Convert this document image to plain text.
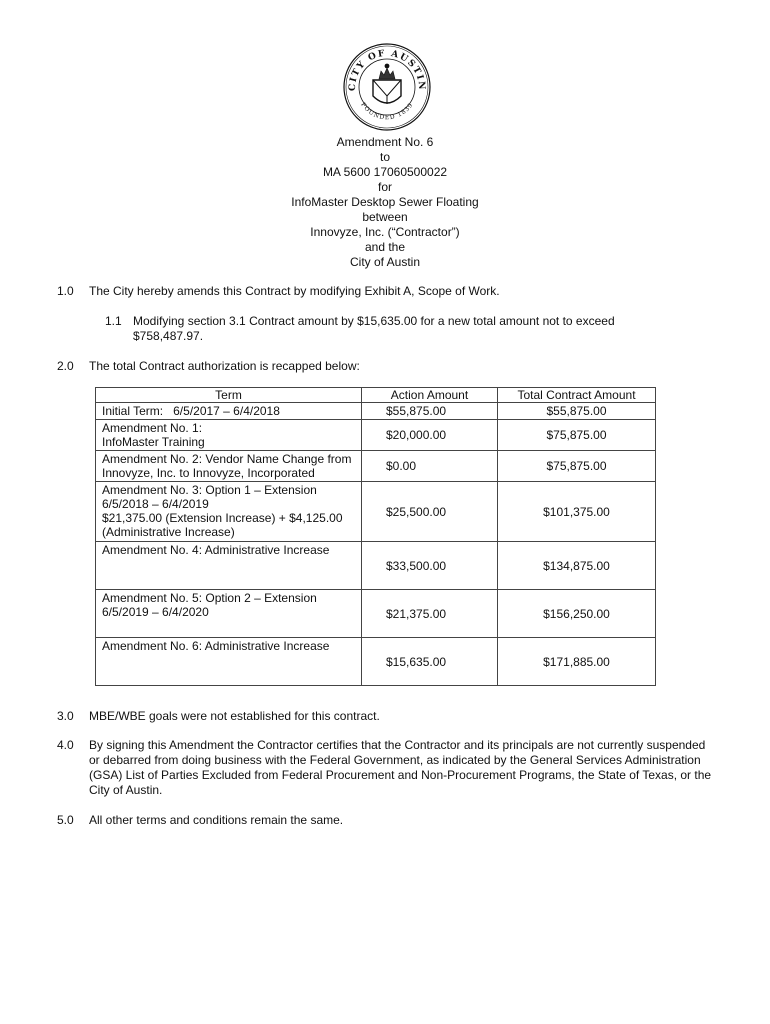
CITY OF AUSTIN
FOUNDED 1839
Amendment No. 6
to
MA 5600 17060500022
for
InfoMaster Desktop Sewer Floating
between
Innovyze, Inc. (“Contractor”)
and the
City of Austin
1.0 The City hereby amends this Contract by modifying Exhibit A, Scope of Work.
1.1 Modifying section 3.1 Contract amount by $15,635.00 for a new total amount not to exceed $758,487.97.
2.0 The total Contract authorization is recapped below:
Term	Action Amount	Total Contract Amount
Initial Term:   6/5/2017 – 6/4/2018	$55,875.00	$55,875.00
Amendment No. 1:
InfoMaster Training	$20,000.00	$75,875.00
Amendment No. 2: Vendor Name Change from Innovyze, Inc. to Innovyze, Incorporated	$0.00	$75,875.00
Amendment No. 3: Option 1 – Extension
6/5/2018 – 6/4/2019
$21,375.00 (Extension Increase) + $4,125.00 (Administrative Increase)	$25,500.00	$101,375.00
Amendment No. 4: Administrative Increase	$33,500.00	$134,875.00
Amendment No. 5: Option 2 – Extension
6/5/2019 – 6/4/2020	$21,375.00	$156,250.00
Amendment No. 6: Administrative Increase	$15,635.00	$171,885.00
3.0 MBE/WBE goals were not established for this contract.
4.0 By signing this Amendment the Contractor certifies that the Contractor and its principals are not currently suspended or debarred from doing business with the Federal Government, as indicated by the General Services Administration (GSA) List of Parties Excluded from Federal Procurement and Non-Procurement Programs, the State of Texas, or the City of Austin.
5.0 All other terms and conditions remain the same.
